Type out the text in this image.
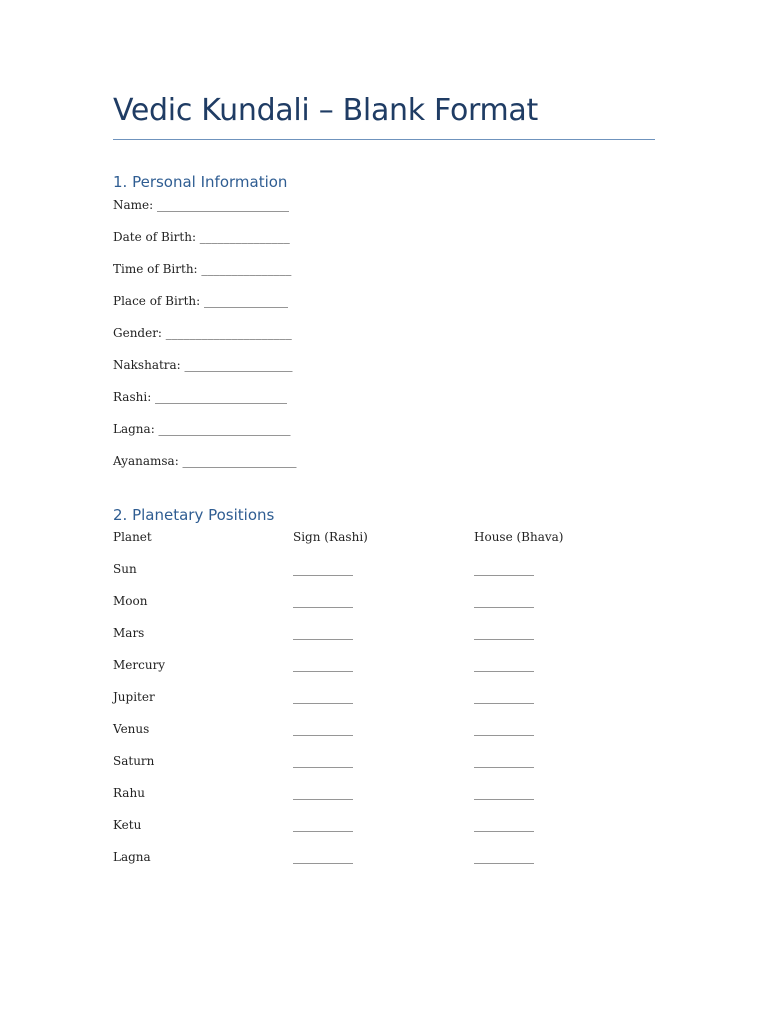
Vedic Kundali – Blank Format
1. Personal Information
Name: ______________________
Date of Birth: _______________
Time of Birth: _______________
Place of Birth: ______________
Gender: _____________________
Nakshatra: __________________
Rashi: ______________________
Lagna: ______________________
Ayanamsa: ___________________
2. Planetary Positions
Planet	Sign (Rashi)	House (Bhava)
Sun	__________	__________
Moon	__________	__________
Mars	__________	__________
Mercury	__________	__________
Jupiter	__________	__________
Venus	__________	__________
Saturn	__________	__________
Rahu	__________	__________
Ketu	__________	__________
Lagna	__________	__________
